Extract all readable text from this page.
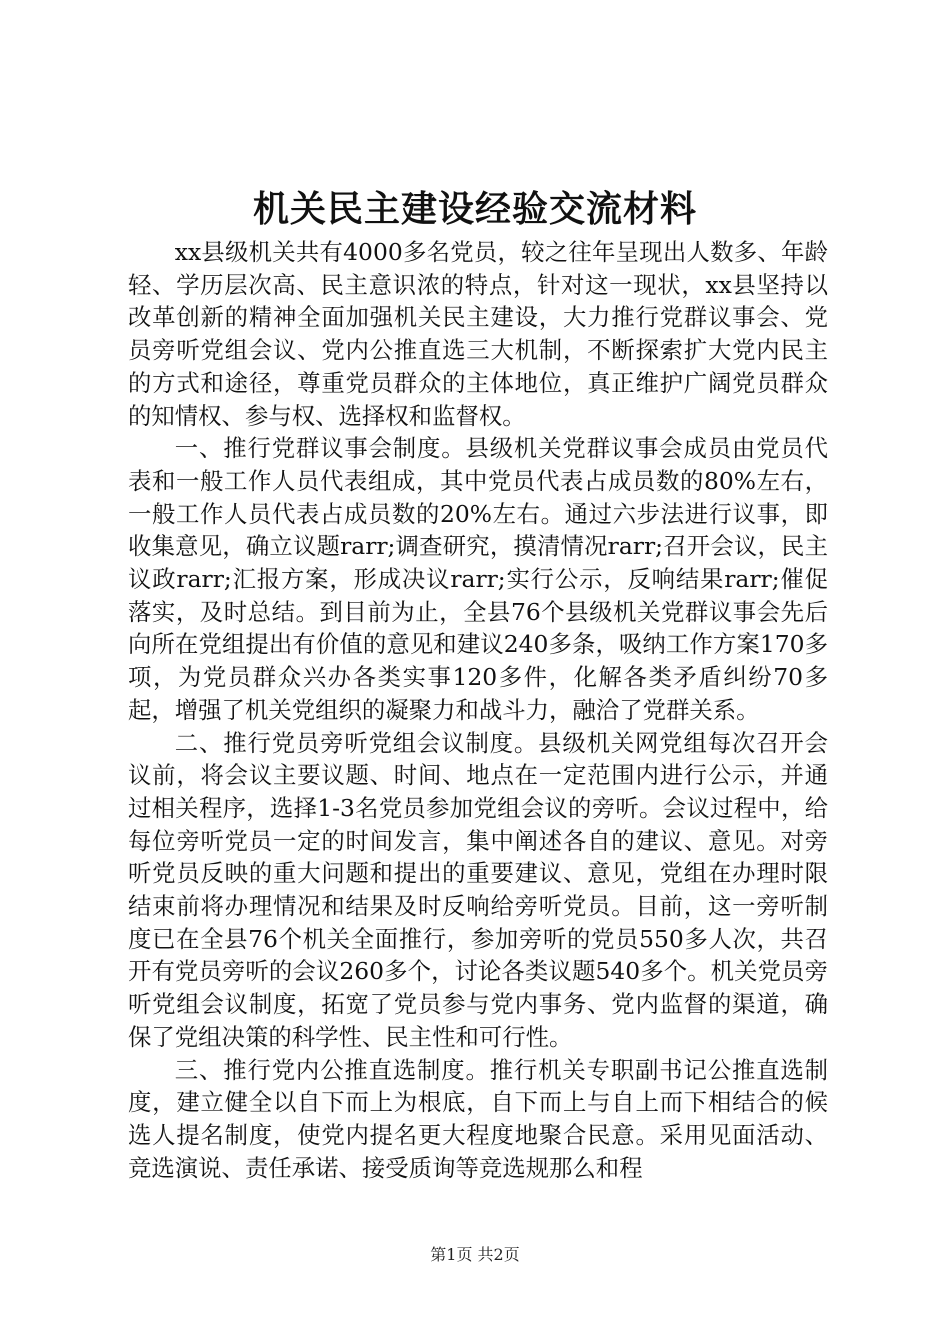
机关民主建设经验交流材料

xx县级机关共有4000多名党员，较之往年呈现出人数多、年龄轻、学历层次高、民主意识浓的特点，针对这一现状，xx县坚持以改革创新的精神全面加强机关民主建设，大力推行党群议事会、党员旁听党组会议、党内公推直选三大机制，不断探索扩大党内民主的方式和途径，尊重党员群众的主体地位，真正维护广阔党员群众的知情权、参与权、选择权和监督权。

一、推行党群议事会制度。县级机关党群议事会成员由党员代表和一般工作人员代表组成，其中党员代表占成员数的80%左右，一般工作人员代表占成员数的20%左右。通过六步法进行议事，即收集意见，确立议题rarr;调查研究，摸清情况rarr;召开会议，民主议政rarr;汇报方案，形成决议rarr;实行公示，反响结果rarr;催促落实，及时总结。到目前为止，全县76个县级机关党群议事会先后向所在党组提出有价值的意见和建议240多条，吸纳工作方案170多项，为党员群众兴办各类实事120多件，化解各类矛盾纠纷70多起，增强了机关党组织的凝聚力和战斗力，融洽了党群关系。

二、推行党员旁听党组会议制度。县级机关网党组每次召开会议前，将会议主要议题、时间、地点在一定范围内进行公示，并通过相关程序，选择1-3名党员参加党组会议的旁听。会议过程中，给每位旁听党员一定的时间发言，集中阐述各自的建议、意见。对旁听党员反映的重大问题和提出的重要建议、意见，党组在办理时限结束前将办理情况和结果及时反响给旁听党员。目前，这一旁听制度已在全县76个机关全面推行，参加旁听的党员550多人次，共召开有党员旁听的会议260多个，讨论各类议题540多个。机关党员旁听党组会议制度，拓宽了党员参与党内事务、党内监督的渠道，确保了党组决策的科学性、民主性和可行性。

三、推行党内公推直选制度。推行机关专职副书记公推直选制度，建立健全以自下而上为根底，自下而上与自上而下相结合的候选人提名制度，使党内提名更大程度地聚合民意。采用见面活动、竞选演说、责任承诺、接受质询等竞选规那么和程

第1页 共2页
